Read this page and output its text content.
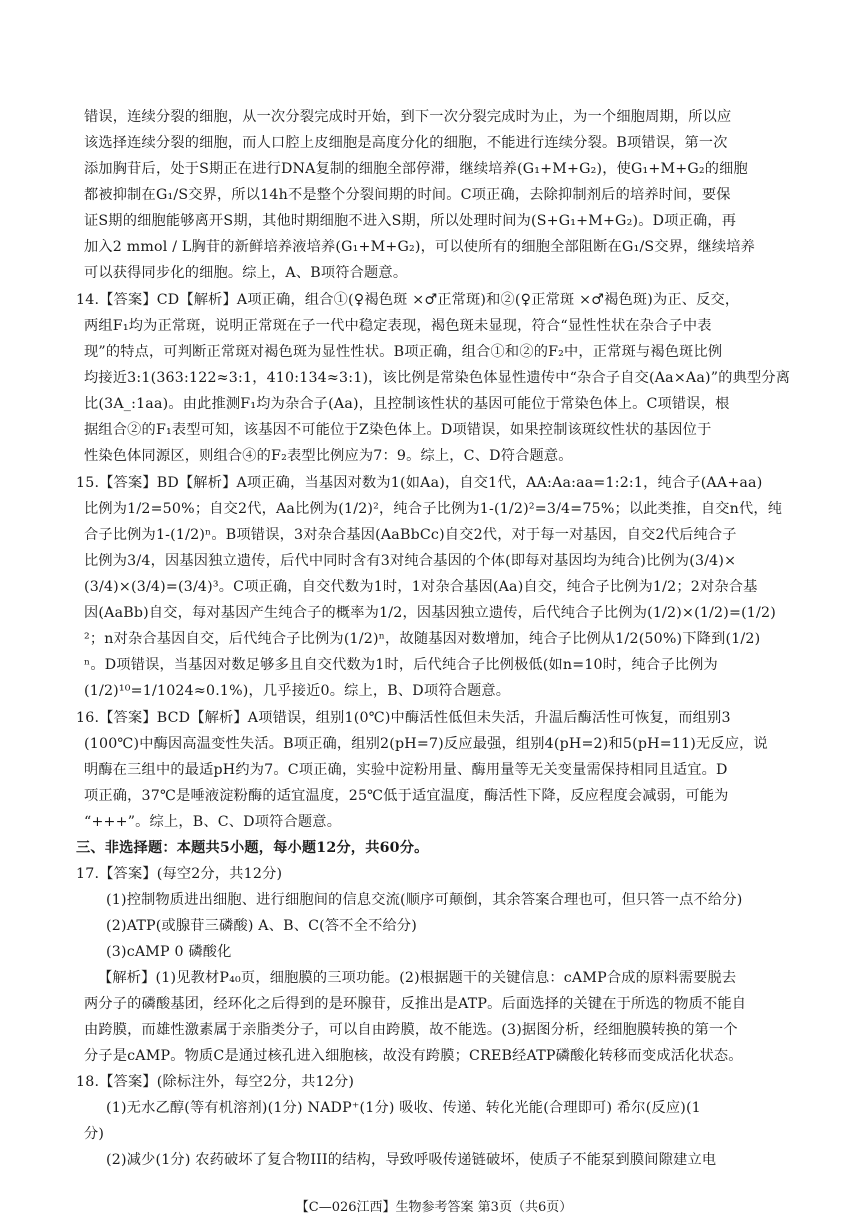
错误，连续分裂的细胞，从一次分裂完成时开始，到下一次分裂完成时为止，为一个细胞周期，所以应
该选择连续分裂的细胞，而人口腔上皮细胞是高度分化的细胞，不能进行连续分裂。B项错误，第一次
添加胸苷后，处于S期正在进行DNA复制的细胞全部停滞，继续培养(G₁+M+G₂)，使G₁+M+G₂的细胞
都被抑制在G₁/S交界，所以14h不是整个分裂间期的时间。C项正确，去除抑制剂后的培养时间，要保
证S期的细胞能够离开S期，其他时期细胞不进入S期，所以处理时间为(S+G₁+M+G₂)。D项正确，再
加入2 mmol / L胸苷的新鲜培养液培养(G₁+M+G₂)，可以使所有的细胞全部阻断在G₁/S交界，继续培养
可以获得同步化的细胞。综上，A、B项符合题意。
14.【答案】CD【解析】A项正确，组合①(♀褐色斑 ×♂正常斑)和②(♀正常斑 ×♂褐色斑)为正、反交，
两组F₁均为正常斑，说明正常斑在子一代中稳定表现，褐色斑未显现，符合“显性性状在杂合子中表
现”的特点，可判断正常斑对褐色斑为显性性状。B项正确，组合①和②的F₂中，正常斑与褐色斑比例
均接近3:1(363:122≈3:1，410:134≈3:1)，该比例是常染色体显性遗传中“杂合子自交(Aa×Aa)”的典型分离
比(3A_:1aa)。由此推测F₁均为杂合子(Aa)，且控制该性状的基因可能位于常染色体上。C项错误，根
据组合②的F₁表型可知，该基因不可能位于Z染色体上。D项错误，如果控制该斑纹性状的基因位于
性染色体同源区，则组合④的F₂表型比例应为7：9。综上，C、D符合题意。
15.【答案】BD【解析】A项正确，当基因对数为1(如Aa)，自交1代，AA:Aa:aa=1:2:1，纯合子(AA+aa)
比例为1/2=50%；自交2代，Aa比例为(1/2)²，纯合子比例为1-(1/2)²=3/4=75%；以此类推，自交n代，纯
合子比例为1-(1/2)ⁿ。B项错误，3对杂合基因(AaBbCc)自交2代，对于每一对基因，自交2代后纯合子
比例为3/4，因基因独立遗传，后代中同时含有3对纯合基因的个体(即每对基因均为纯合)比例为(3/4)×
(3/4)×(3/4)=(3/4)³。C项正确，自交代数为1时，1对杂合基因(Aa)自交，纯合子比例为1/2；2对杂合基
因(AaBb)自交，每对基因产生纯合子的概率为1/2，因基因独立遗传，后代纯合子比例为(1/2)×(1/2)=(1/2)
²；n对杂合基因自交，后代纯合子比例为(1/2)ⁿ，故随基因对数增加，纯合子比例从1/2(50%)下降到(1/2)
ⁿ。D项错误，当基因对数足够多且自交代数为1时，后代纯合子比例极低(如n=10时，纯合子比例为
(1/2)¹⁰=1/1024≈0.1%)，几乎接近0。综上，B、D项符合题意。
16.【答案】BCD【解析】A项错误，组别1(0℃)中酶活性低但未失活，升温后酶活性可恢复，而组别3
(100℃)中酶因高温变性失活。B项正确，组别2(pH=7)反应最强，组别4(pH=2)和5(pH=11)无反应，说
明酶在三组中的最适pH约为7。C项正确，实验中淀粉用量、酶用量等无关变量需保持相同且适宜。D
项正确，37℃是唾液淀粉酶的适宜温度，25℃低于适宜温度，酶活性下降，反应程度会减弱，可能为
“+++”。综上，B、C、D项符合题意。
三、非选择题：本题共5小题，每小题12分，共60分。
17.【答案】(每空2分，共12分)
(1)控制物质进出细胞、进行细胞间的信息交流(顺序可颠倒，其余答案合理也可，但只答一点不给分)
(2)ATP(或腺苷三磷酸) A、B、C(答不全不给分)
(3)cAMP 0 磷酸化
【解析】(1)见教材P₄₀页，细胞膜的三项功能。(2)根据题干的关键信息：cAMP合成的原料需要脱去
两分子的磷酸基团，经环化之后得到的是环腺苷，反推出是ATP。后面选择的关键在于所选的物质不能自
由跨膜，而雄性激素属于亲脂类分子，可以自由跨膜，故不能选。(3)据图分析，经细胞膜转换的第一个
分子是cAMP。物质C是通过核孔进入细胞核，故没有跨膜；CREB经ATP磷酸化转移而变成活化状态。
18.【答案】(除标注外，每空2分，共12分)
(1)无水乙醇(等有机溶剂)(1分) NADP⁺(1分) 吸收、传递、转化光能(合理即可) 希尔(反应)(1
分)
(2)减少(1分) 农药破坏了复合物III的结构，导致呼吸传递链破坏，使质子不能泵到膜间隙建立电
【C—026江西】生物参考答案 第3页（共6页）
